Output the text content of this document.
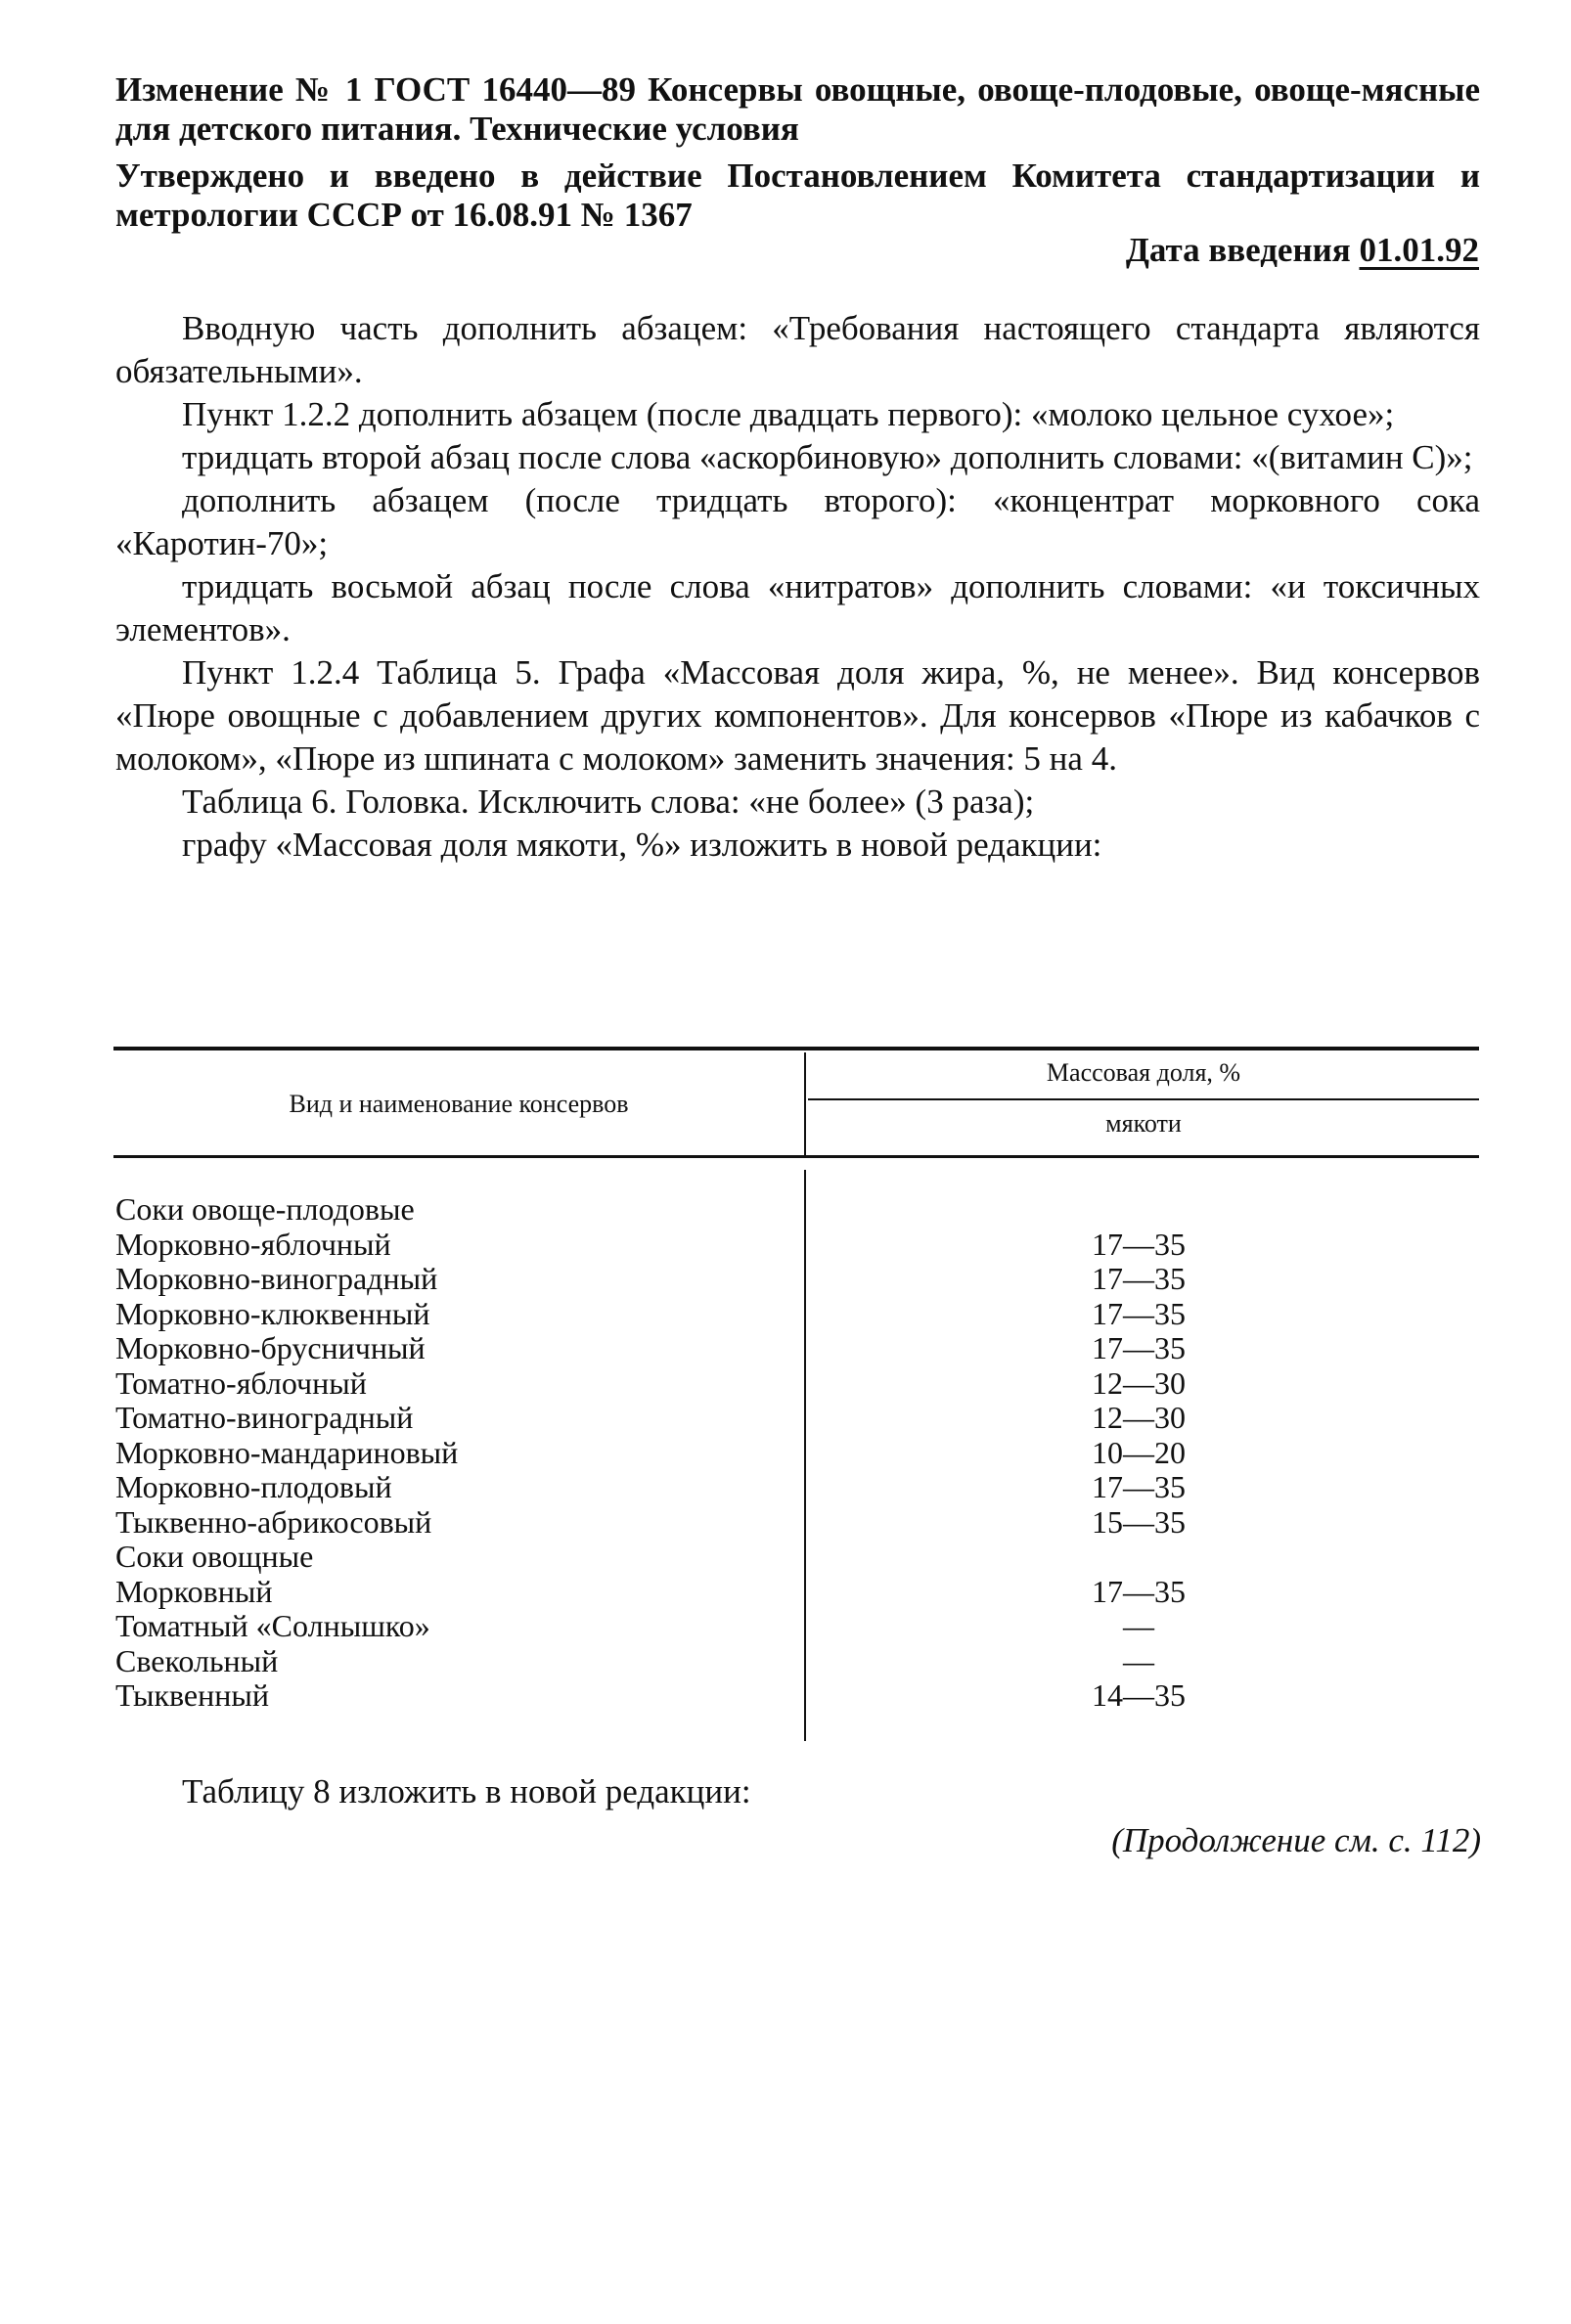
Изменение № 1 ГОСТ 16440—89 Консервы овощные, овоще-плодовые, овоще-мясные для детского питания. Технические условия
Утверждено и введено в действие Постановлением Комитета стандартизации и метрологии СССР от 16.08.91 № 1367
Дата введения 01.01.92

Вводную часть дополнить абзацем: «Требования настоящего стандарта являются обязательными».

Пункт 1.2.2 дополнить абзацем (после двадцать первого): «молоко цельное сухое»;

тридцать второй абзац после слова «аскорбиновую» дополнить словами: «(витамин С)»;

дополнить абзацем (после тридцать второго): «концентрат морковного сока «Каротин-70»;

тридцать восьмой абзац после слова «нитратов» дополнить словами: «и токсичных элементов».

Пункт 1.2.4 Таблица 5. Графа «Массовая доля жира, %, не менее». Вид консервов «Пюре овощные с добавлением других компонентов». Для консервов «Пюре из кабачков с молоком», «Пюре из шпината с молоком» заменить значения: 5 на 4.

Таблица 6. Головка. Исключить слова: «не более» (3 раза);

графу «Массовая доля мякоти, %» изложить в новой редакции:

Вид и наименование консервов
Массовая доля, %
мякоти
Соки овоще-плодовые
Морковно-яблочный	17—35
Морковно-виноградный	17—35
Морковно-клюквенный	17—35
Морковно-брусничный	17—35
Томатно-яблочный	12—30
Томатно-виноградный	12—30
Морковно-мандариновый	10—20
Морковно-плодовый	17—35
Тыквенно-абрикосовый	15—35
Соки овощные
Морковный	17—35
Томатный «Солнышко»	—
Свекольный	—
Тыквенный	14—35
Таблицу 8 изложить в новой редакции:
(Продолжение см. с. 112)
